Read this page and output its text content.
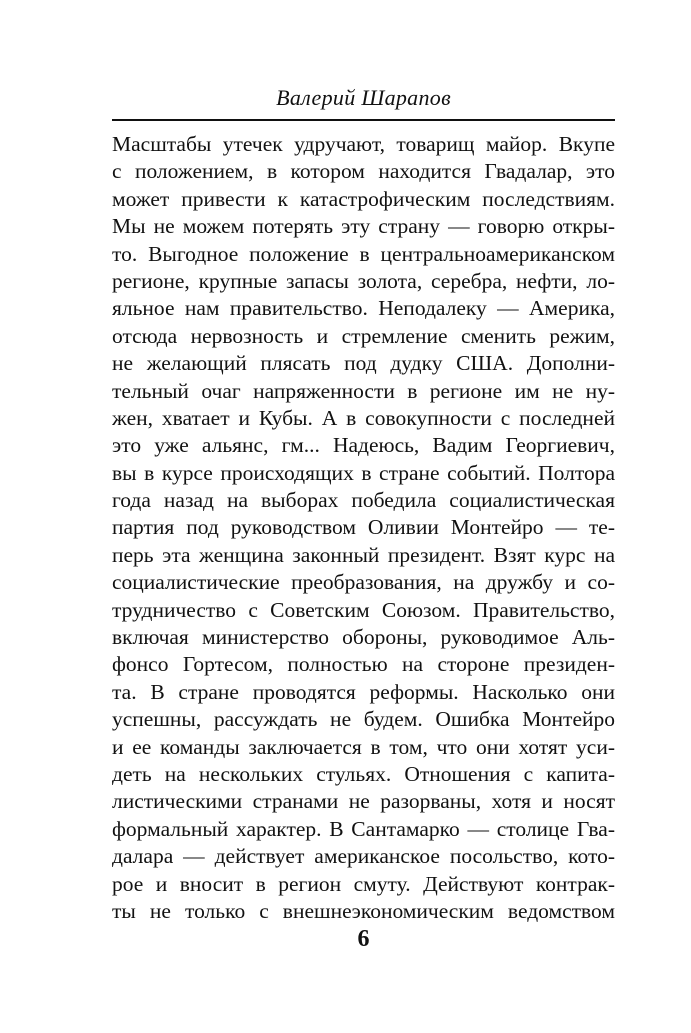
Валерий Шарапов
Масштабы утечек удручают, товарищ майор. Вкупе
с положением, в котором находится Гвадалар, это
может привести к катастрофическим последствиям.
Мы не можем потерять эту страну — говорю откры-
то. Выгодное положение в центральноамериканском
регионе, крупные запасы золота, серебра, нефти, ло-
яльное нам правительство. Неподалеку — Америка,
отсюда нервозность и стремление сменить режим,
не желающий плясать под дудку США. Дополни-
тельный очаг напряженности в регионе им не ну-
жен, хватает и Кубы. А в совокупности с последней
это уже альянс, гм... Надеюсь, Вадим Георгиевич,
вы в курсе происходящих в стране событий. Полтора
года назад на выборах победила социалистическая
партия под руководством Оливии Монтейро — те-
перь эта женщина законный президент. Взят курс на
социалистические преобразования, на дружбу и со-
трудничество с Советским Союзом. Правительство,
включая министерство обороны, руководимое Аль-
фонсо Гортесом, полностью на стороне президен-
та. В стране проводятся реформы. Насколько они
успешны, рассуждать не будем. Ошибка Монтейро
и ее команды заключается в том, что они хотят уси-
деть на нескольких стульях. Отношения с капита-
листическими странами не разорваны, хотя и носят
формальный характер. В Сантамарко — столице Гва-
далара — действует американское посольство, кото-
рое и вносит в регион смуту. Действуют контрак-
ты не только с внешнеэкономическим ведомством
6
